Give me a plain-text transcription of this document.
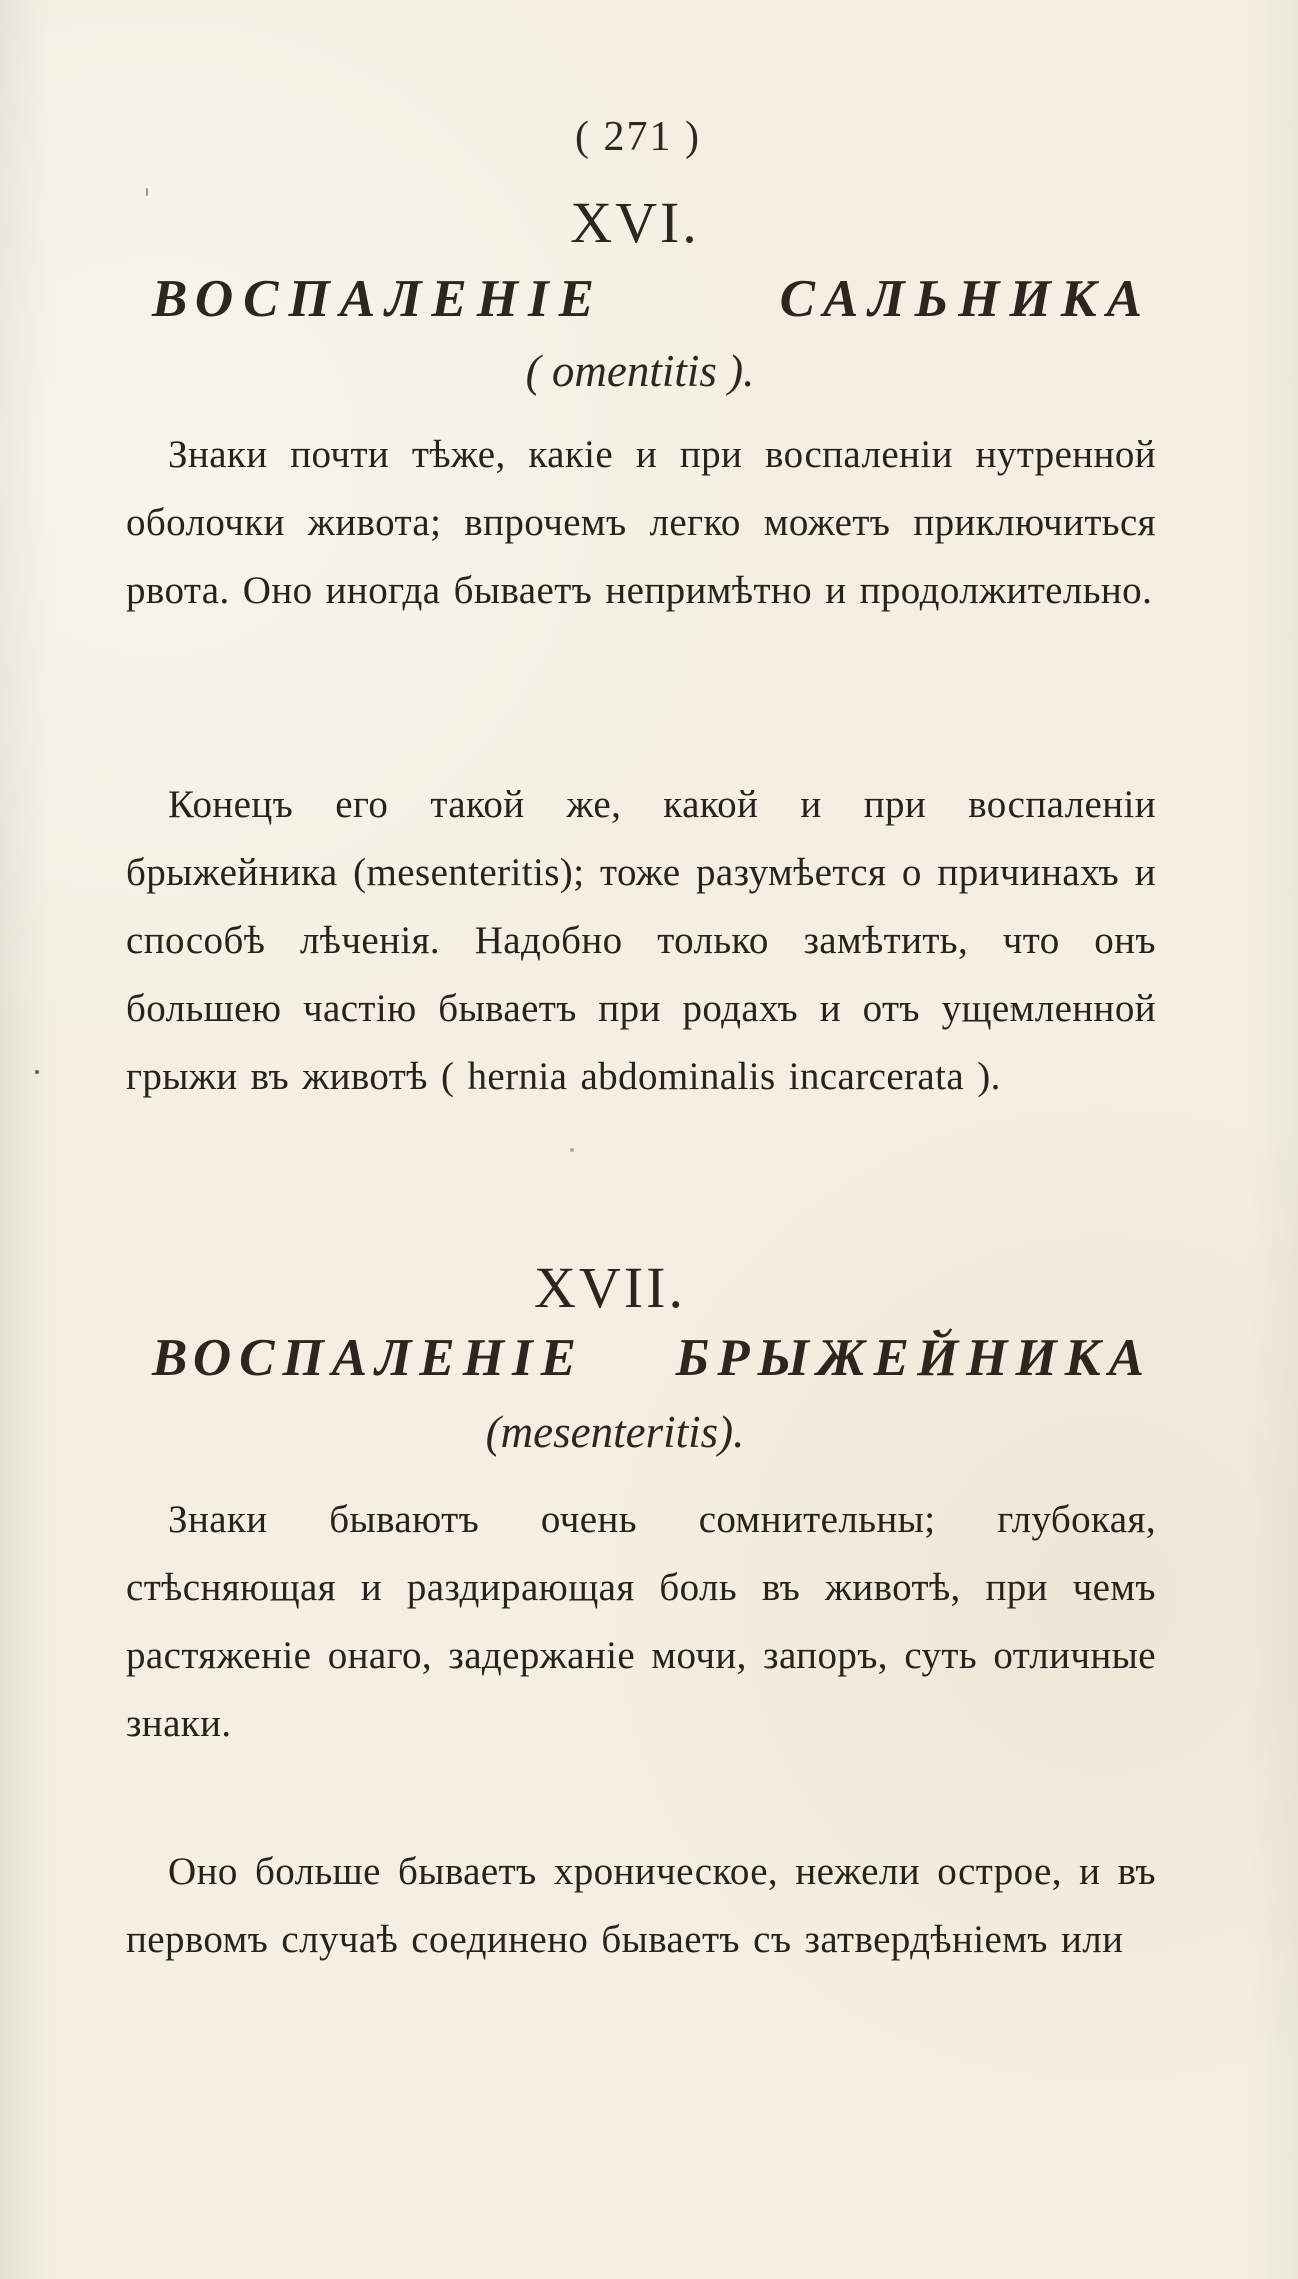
( 271 )
XVI.
ВОСПАЛЕНІЕ САЛЬНИКА
( omentitis ).
Знаки почти тѣже, какіе и при воспаленіи нутренной оболочки живота; впрочемъ легко можетъ приключиться рвота. Оно иногда бываетъ непримѣтно и продолжительно.
Конецъ его такой же, какой и при воспаленіи брыжейника (mesenteritis); тоже разумѣется о причинахъ и способѣ лѣченія. Надобно только замѣтить, что онъ большею частію бываетъ при родахъ и отъ ущемленной грыжи въ животѣ ( hernia abdominalis incarcerata ).
XVII.
ВОСПАЛЕНІЕ БРЫЖЕЙНИКА
(mesenteritis).
Знаки бываютъ очень сомнительны; глубокая, стѣсняющая и раздирающая боль въ животѣ, при чемъ растяженіе онаго, задержаніе мочи, запоръ, суть отличные знаки.
Оно больше бываетъ хроническое, нежели острое, и въ первомъ случаѣ соединено бываетъ съ затвердѣніемъ или
